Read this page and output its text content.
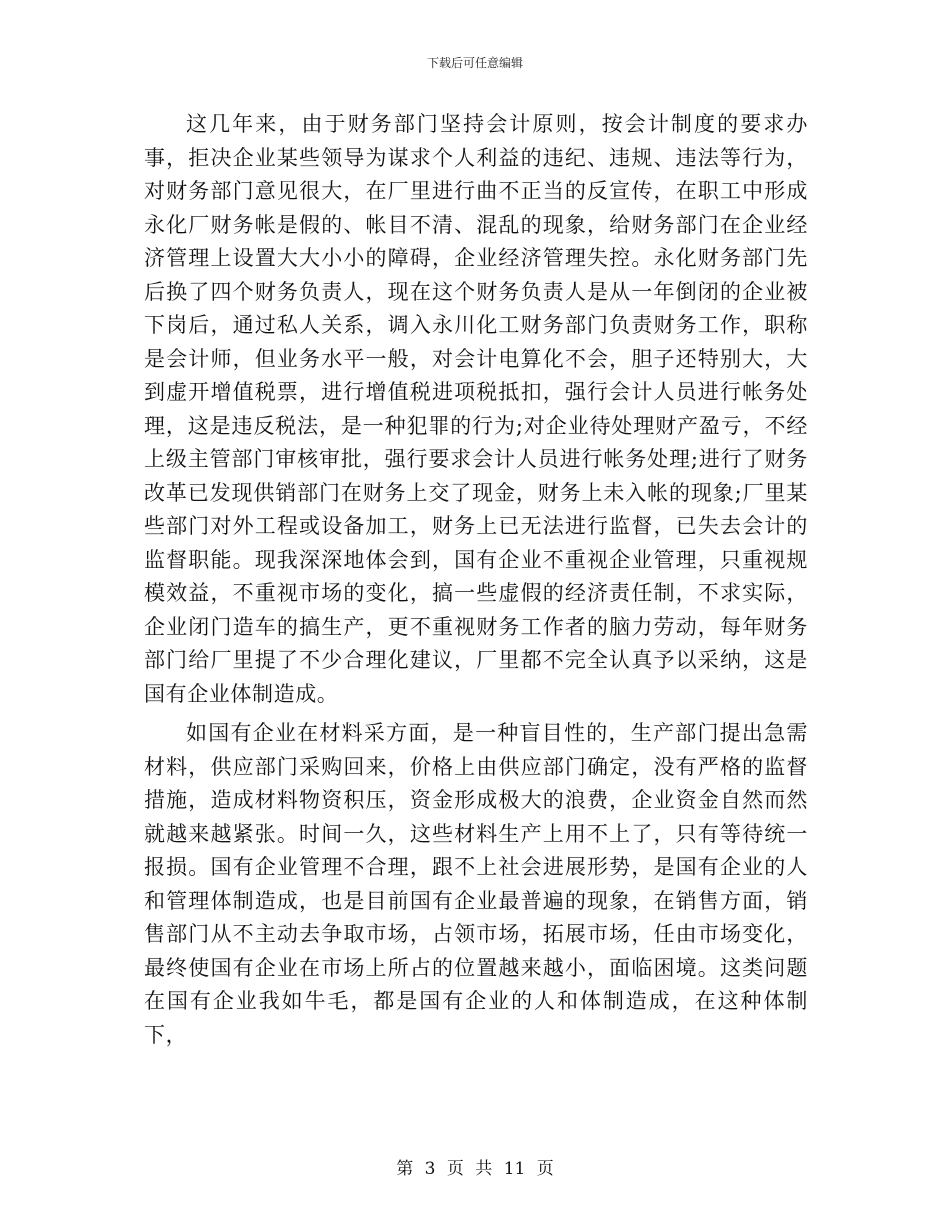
下载后可任意编辑

这几年来，由于财务部门坚持会计原则，按会计制度的要求办事，拒决企业某些领导为谋求个人利益的违纪、违规、违法等行为，对财务部门意见很大，在厂里进行曲不正当的反宣传，在职工中形成永化厂财务帐是假的、帐目不清、混乱的现象，给财务部门在企业经济管理上设置大大小小的障碍，企业经济管理失控。永化财务部门先后换了四个财务负责人，现在这个财务负责人是从一年倒闭的企业被下岗后，通过私人关系，调入永川化工财务部门负责财务工作，职称是会计师，但业务水平一般，对会计电算化不会，胆子还特别大，大到虚开增值税票，进行增值税进项税抵扣，强行会计人员进行帐务处理，这是违反税法，是一种犯罪的行为;对企业待处理财产盈亏，不经上级主管部门审核审批，强行要求会计人员进行帐务处理;进行了财务改革已发现供销部门在财务上交了现金，财务上未入帐的现象;厂里某些部门对外工程或设备加工，财务上已无法进行监督，已失去会计的监督职能。现我深深地体会到，国有企业不重视企业管理，只重视规模效益，不重视市场的变化，搞一些虚假的经济责任制，不求实际，企业闭门造车的搞生产，更不重视财务工作者的脑力劳动，每年财务部门给厂里提了不少合理化建议，厂里都不完全认真予以采纳，这是国有企业体制造成。

如国有企业在材料采方面，是一种盲目性的，生产部门提出急需材料，供应部门采购回来，价格上由供应部门确定，没有严格的监督措施，造成材料物资积压，资金形成极大的浪费，企业资金自然而然就越来越紧张。时间一久，这些材料生产上用不上了，只有等待统一报损。国有企业管理不合理，跟不上社会进展形势，是国有企业的人和管理体制造成，也是目前国有企业最普遍的现象，在销售方面，销售部门从不主动去争取市场，占领市场，拓展市场，任由市场变化，最终使国有企业在市场上所占的位置越来越小，面临困境。这类问题在国有企业我如牛毛，都是国有企业的人和体制造成，在这种体制下，

第 3 页 共 11 页
